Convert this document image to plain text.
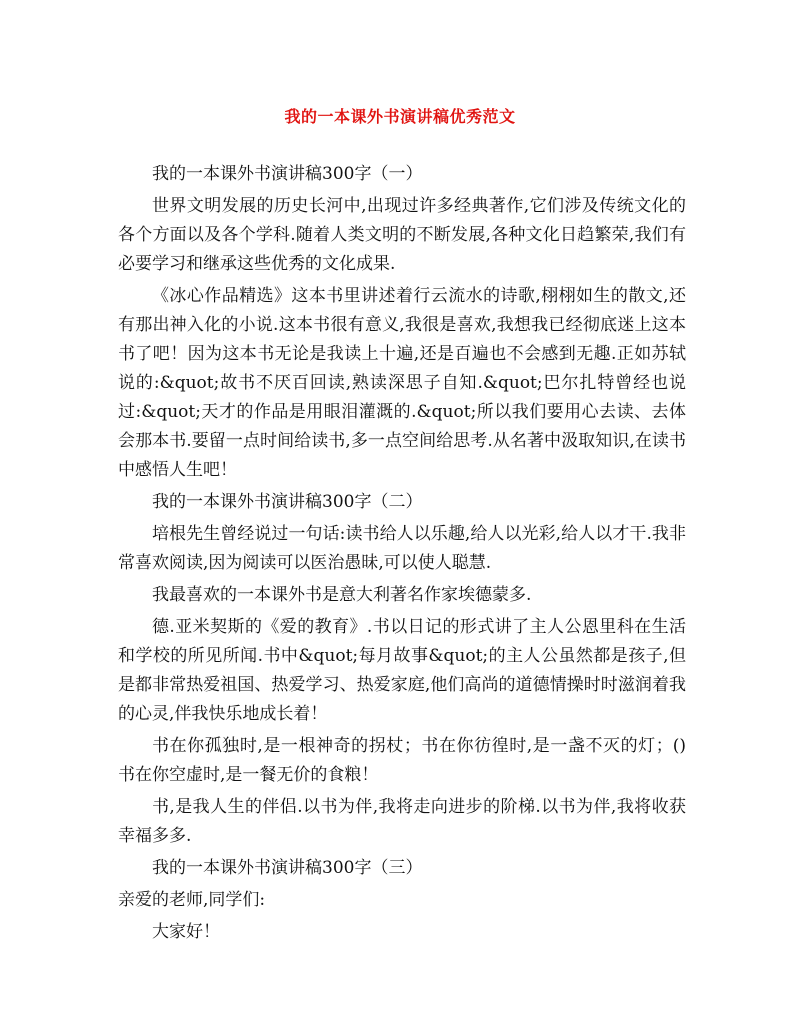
我的一本课外书演讲稿优秀范文

我的一本课外书演讲稿300字（一）

世界文明发展的历史长河中,出现过许多经典著作,它们涉及传统文化的各个方面以及各个学科.随着人类文明的不断发展,各种文化日趋繁荣,我们有必要学习和继承这些优秀的文化成果.

《冰心作品精选》这本书里讲述着行云流水的诗歌,栩栩如生的散文,还有那出神入化的小说.这本书很有意义,我很是喜欢,我想我已经彻底迷上这本书了吧！因为这本书无论是我读上十遍,还是百遍也不会感到无趣.正如苏轼说的:&quot;故书不厌百回读,熟读深思子自知.&quot;巴尔扎特曾经也说过:&quot;天才的作品是用眼泪灌溉的.&quot;所以我们要用心去读、去体会那本书.要留一点时间给读书,多一点空间给思考.从名著中汲取知识,在读书中感悟人生吧！

我的一本课外书演讲稿300字（二）

培根先生曾经说过一句话:读书给人以乐趣,给人以光彩,给人以才干.我非常喜欢阅读,因为阅读可以医治愚昧,可以使人聪慧.

我最喜欢的一本课外书是意大利著名作家埃德蒙多.

德.亚米契斯的《爱的教育》.书以日记的形式讲了主人公恩里科在生活和学校的所见所闻.书中&quot;每月故事&quot;的主人公虽然都是孩子,但是都非常热爱祖国、热爱学习、热爱家庭,他们高尚的道德情操时时滋润着我的心灵,伴我快乐地成长着！

书在你孤独时,是一根神奇的拐杖；书在你彷徨时,是一盏不灭的灯；()书在你空虚时,是一餐无价的食粮！

书,是我人生的伴侣.以书为伴,我将走向进步的阶梯.以书为伴,我将收获幸福多多.

我的一本课外书演讲稿300字（三）

亲爱的老师,同学们:

大家好！
